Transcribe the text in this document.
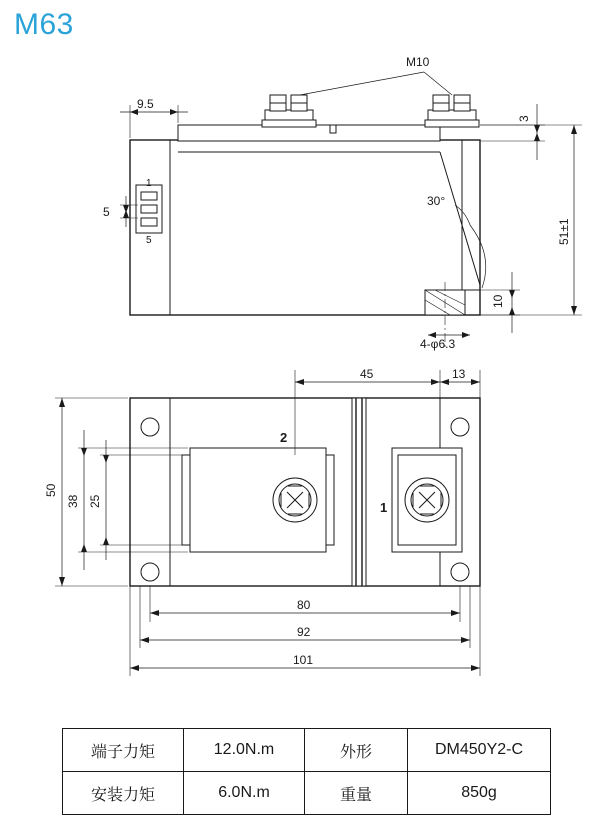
M63
1
5
M10
30°
9.5
5
3
51±1
10
4-φ6.3
2
1
45	13
50
38 25
80
92
101
端子力矩	12.0N.m	外形	DM450Y2-C
安装力矩	6.0N.m	重量	850g
